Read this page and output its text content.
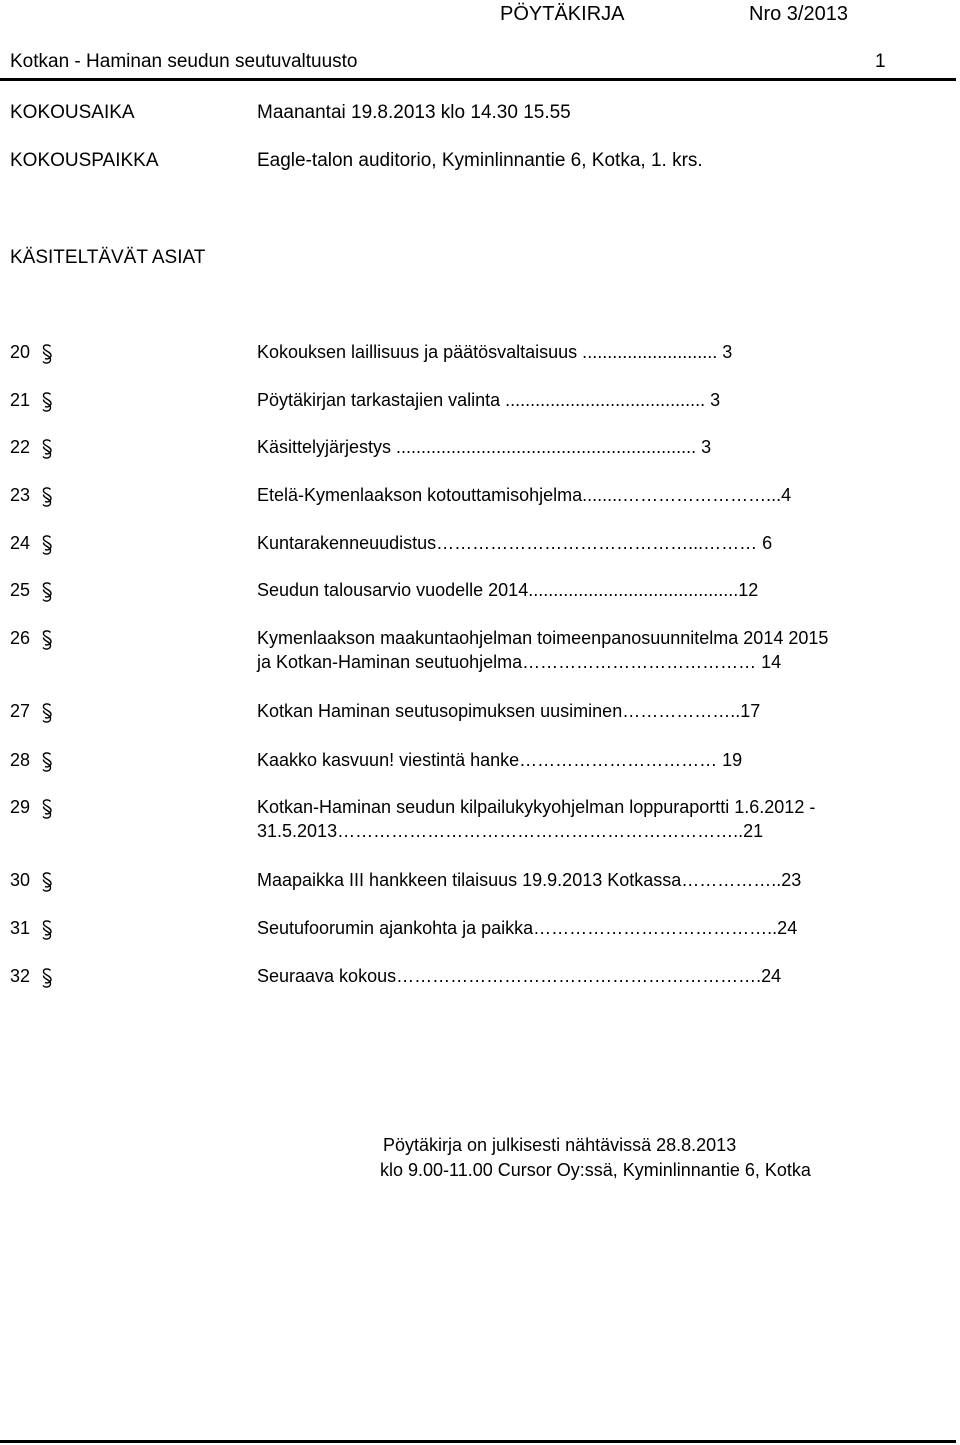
PÖYTÄKIRJA	Nro 3/2013
Kotkan - Haminan seudun seutuvaltuusto	1
KOKOUSAIKA	Maanantai 19.8.2013 klo 14.30 15.55
KOKOUSPAIKKA	Eagle-talon auditorio, Kyminlinnantie 6, Kotka, 1. krs.
KÄSITELTÄVÄT ASIAT
20	Kokouksen laillisuus ja päätösvaltaisuus ........................... 3
21	Pöytäkirjan tarkastajien valinta ........................................ 3
22	Käsittelyjärjestys ............................................................ 3
23	Etelä-Kymenlaakson kotouttamisohjelma........……………………...4
24	Kuntarakenneuudistus……………………………………...……… 6
25	Seudun talousarvio vuodelle 2014..........................................12
26	Kymenlaakson maakuntaohjelman toimeenpanosuunnitelma 2014 2015
ja Kotkan-Haminan seutuohjelma………………………………… 14
27	Kotkan Haminan seutusopimuksen uusiminen………………..17
28	Kaakko kasvuun! viestintä hanke…………………………… 19
29	Kotkan-Haminan seudun kilpailukykyohjelman loppuraportti 1.6.2012 -
31.5.2013…………………………………………………………..21
30	Maapaikka III hankkeen tilaisuus 19.9.2013 Kotkassa……………..23
31	Seutufoorumin ajankohta ja paikka…………………………………..24
32	Seuraava kokous…………………………………………………….24
Pöytäkirja on julkisesti nähtävissä 28.8.2013
klo 9.00-11.00 Cursor Oy:ssä, Kyminlinnantie 6, Kotka
